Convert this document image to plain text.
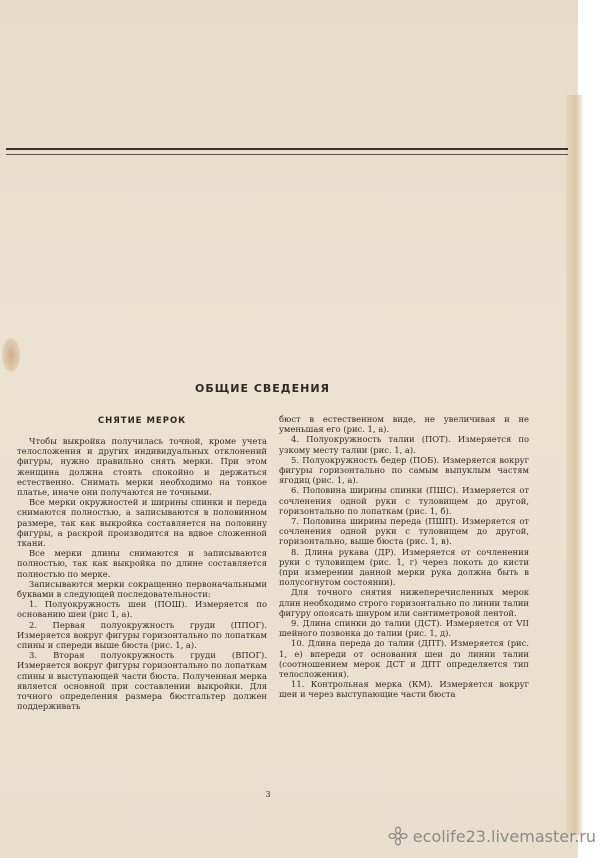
ОБЩИЕ СВЕДЕНИЯ
СНЯТИЕ МЕРОК

Чтобы выкройка получилась точной, кроме учета телосложения и других индивидуальных отклонений фигуры, нужно правильно снять мерки. При этом женщина должна стоять спокойно и держаться естественно. Снимать мерки необходимо на тонкое платье, иначе они получаются не точными.

Все мерки окружностей и ширины спинки и переда снимаются полностью, а записываются в половинном размере, так как выкройка составляется на половину фигуры, а раскрой производится на вдвое сложенной ткани.

Все мерки длины снимаются и записываются полностью, так как выкройка по длине составляется полностью по мерке.

Записываются мерки сокращенно первоначальными буквами в следующей последовательности:

1. Полуокружность шеи (ПОШ). Измеряется по основанию шеи (рис 1, а).

2. Первая полуокружность груди (ППОГ). Измеряется вокруг фигуры горизонтально по лопаткам спины и спереди выше бюста (рис. 1, а).

3. Вторая полуокружность груди (ВПОГ). Измеряется вокруг фигуры горизонтально по лопаткам спины и выступающей части бюста. Полученная мерка является основной при составлении выкройки. Для точного определения размера бюстгальтер должен поддерживать

бюст в естественном виде, не увеличивая и не уменьшая его (рис. 1, а).

4. Полуокружность талии (ПОТ). Измеряется по узкому месту талии (рис. 1, а).

5. Полуокружность бедер (ПОБ). Измеряется вокруг фигуры горизонтально по самым выпуклым частям ягодиц (рис. 1, а).

6. Половина ширины спинки (ПШС). Измеряется от сочленения одной руки с туловищем до другой, горизонтально по лопаткам (рис. 1, б).

7. Половина ширины переда (ПШП). Измеряется от сочленения одной руки с туловищем до другой, горизонтально, выше бюста (рис. 1, в).

8. Длина рукава (ДР). Измеряется от сочленения руки с туловищем (рис. 1, г) через локоть до кисти (при измерении данной мерки рука должна быть в полусогнутом состоянии).

Для точного снятия нижеперечисленных мерок длин необходимо строго горизонтально по линии талии фигуру опоясать шнуром или сантиметровой лентой.

9. Длина спинки до талии (ДСТ). Измеряется от VII шейного позвонка до талии (рис. 1, д).

10. Длина переда до талии (ДПТ). Измеряется (рис. 1, е) впереди от основания шеи до линии талии (соотношением мерок ДСТ и ДПТ определяется тип телосложения).

11. Контрольная мерка (КМ). Измеряется вокруг шеи и через выступающие части бюста

3
ecolife23.livemaster.ru
